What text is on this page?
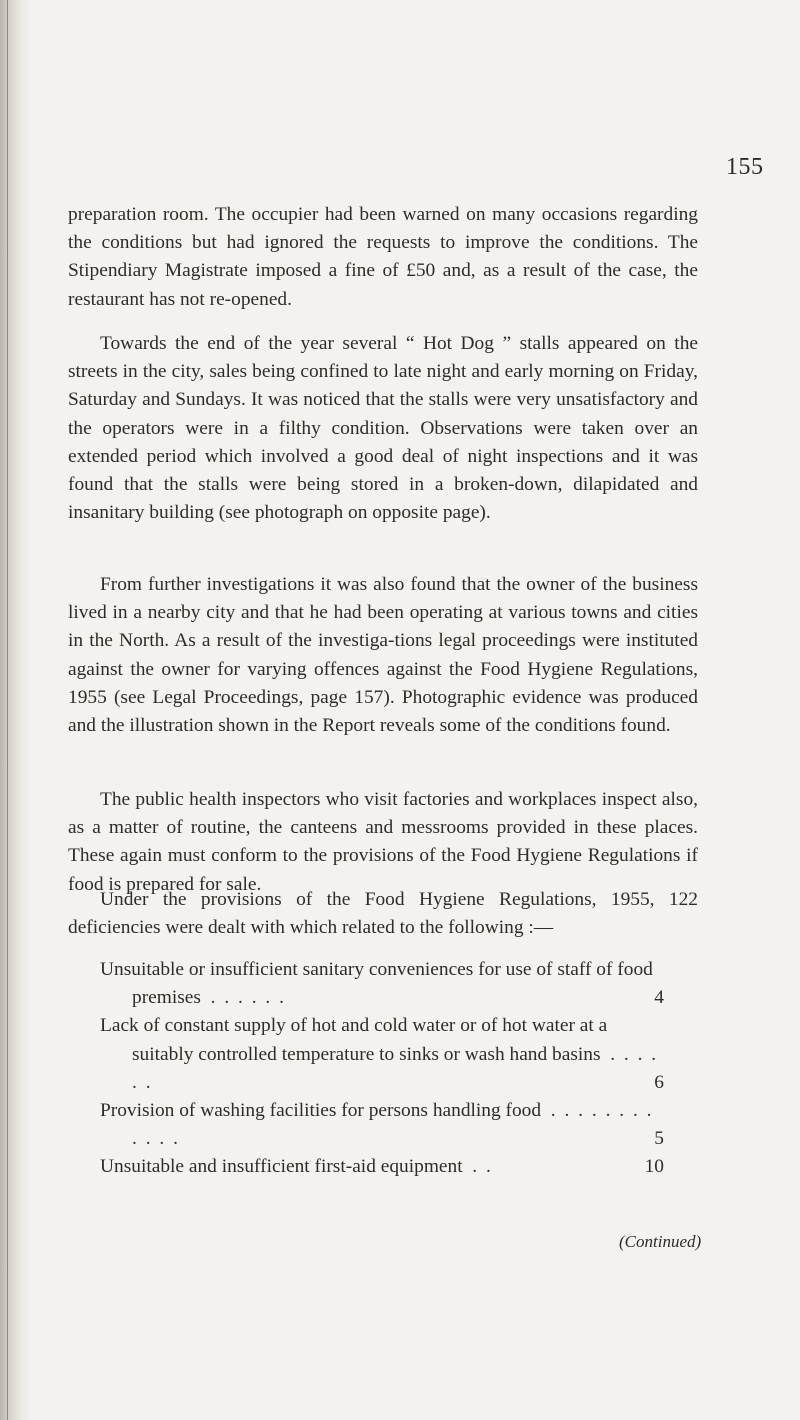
155

preparation room. The occupier had been warned on many occasions regarding the conditions but had ignored the requests to improve the conditions. The Stipendiary Magistrate imposed a fine of £50 and, as a result of the case, the restaurant has not re-opened.

Towards the end of the year several “ Hot Dog ” stalls appeared on the streets in the city, sales being confined to late night and early morning on Friday, Saturday and Sundays. It was noticed that the stalls were very unsatisfactory and the operators were in a filthy condition. Observations were taken over an extended period which involved a good deal of night inspections and it was found that the stalls were being stored in a broken-down, dilapidated and insanitary building (see photograph on opposite page).

From further investigations it was also found that the owner of the business lived in a nearby city and that he had been operating at various towns and cities in the North. As a result of the investiga-tions legal proceedings were instituted against the owner for varying offences against the Food Hygiene Regulations, 1955 (see Legal Proceedings, page 157). Photographic evidence was produced and the illustration shown in the Report reveals some of the conditions found.

The public health inspectors who visit factories and workplaces inspect also, as a matter of routine, the canteens and messrooms provided in these places. These again must conform to the provisions of the Food Hygiene Regulations if food is prepared for sale.

Under the provisions of the Food Hygiene Regulations, 1955, 122 deficiencies were dealt with which related to the following :—

Unsuitable or insufficient sanitary conveniences for use of staff of food premises . . . . . .	4
Lack of constant supply of hot and cold water or of hot water at a suitably controlled temperature to sinks or wash hand basins . . . . . .	6
Provision of washing facilities for persons handling food . . . . . . . . . . . .	5
Unsuitable and insufficient first-aid equipment . .	10
(Continued)
